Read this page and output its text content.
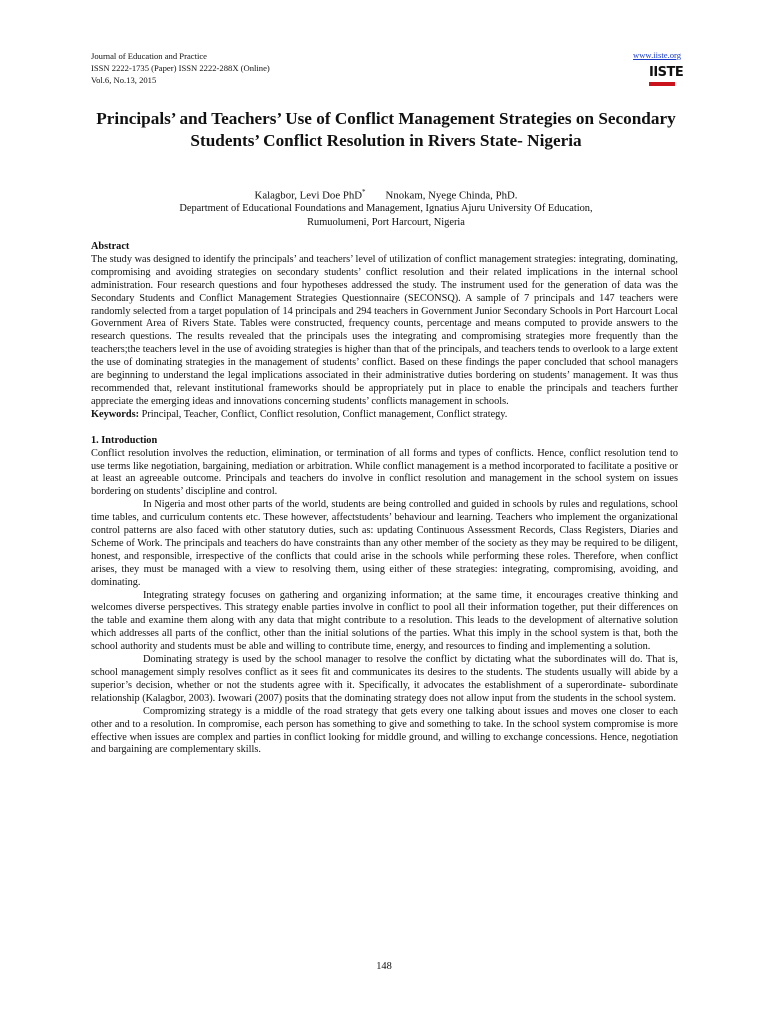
Journal of Education and Practice
ISSN 2222-1735 (Paper) ISSN 2222-288X (Online)
Vol.6, No.13, 2015
www.iiste.org
IISTE
Principals’ and Teachers’ Use of Conflict Management Strategies on Secondary Students’ Conflict Resolution in Rivers State- Nigeria
Kalagbor, Levi Doe PhD* Nnokam, Nyege Chinda, PhD.
Department of Educational Foundations and Management, Ignatius Ajuru University Of Education,
Rumuolumeni, Port Harcourt, Nigeria

Abstract

The study was designed to identify the principals’ and teachers’ level of utilization of conflict management strategies: integrating, dominating, compromising and avoiding strategies on secondary students’ conflict resolution and their related implications in the internal school administration. Four research questions and four hypotheses addressed the study. The instrument used for the generation of data was the Secondary Students and Conflict Management Strategies Questionnaire (SECONSQ). A sample of 7 principals and 147 teachers were randomly selected from a target population of 14 principals and 294 teachers in Government Junior Secondary Schools in Port Harcourt Local Government Area of Rivers State. Tables were constructed, frequency counts, percentage and means computed to provide answers to the research questions. The results revealed that the principals uses the integrating and compromising strategies more frequently than the teachers;the teachers level in the use of avoiding strategies is higher than that of the principals, and teachers tends to overlook to a large extent the use of dominating strategies in the management of students’ conflict. Based on these findings the paper concluded that school managers are beginning to understand the legal implications associated in their administrative duties bordering on students’ management. It was thus recommended that, relevant institutional frameworks should be appropriately put in place to enable the principals and teachers further appreciate the emerging ideas and innovations concerning students’ conflicts management in schools.

Keywords: Principal, Teacher, Conflict, Conflict resolution, Conflict management, Conflict strategy.

1. Introduction

Conflict resolution involves the reduction, elimination, or termination of all forms and types of conflicts. Hence, conflict resolution tend to use terms like negotiation, bargaining, mediation or arbitration. While conflict management is a method incorporated to facilitate a positive or at least an agreeable outcome. Principals and teachers do involve in conflict resolution and management in the school system on issues bordering on students’ discipline and control.

In Nigeria and most other parts of the world, students are being controlled and guided in schools by rules and regulations, school time tables, and curriculum contents etc. These however, affectstudents’ behaviour and learning. Teachers who implement the organizational control patterns are also faced with other statutory duties, such as: updating Continuous Assessment Records, Class Registers, Diaries and Scheme of Work. The principals and teachers do have constraints than any other member of the society as they may be required to be diligent, honest, and responsible, irrespective of the conflicts that could arise in the schools while performing these roles. Therefore, when conflict arises, they must be managed with a view to resolving them, using either of these strategies: integrating, compromising, avoiding, and dominating.

Integrating strategy focuses on gathering and organizing information; at the same time, it encourages creative thinking and welcomes diverse perspectives. This strategy enable parties involve in conflict to pool all their information together, put their differences on the table and examine them along with any data that might contribute to a resolution. This leads to the development of alternative solution which addresses all parts of the conflict, other than the initial solutions of the parties. What this imply in the school system is that, both the school authority and students must be able and willing to contribute time, energy, and resources to finding and implementing a solution.

Dominating strategy is used by the school manager to resolve the conflict by dictating what the subordinates will do. That is, school management simply resolves conflict as it sees fit and communicates its desires to the students. The students usually will abide by a superior’s decision, whether or not the students agree with it. Specifically, it advocates the establishment of a superordinate- subordinate relationship (Kalagbor, 2003). Iwowari (2007) posits that the dominating strategy does not allow input from the students in the school system.

Compromizing strategy is a middle of the road strategy that gets every one talking about issues and moves one closer to each other and to a resolution. In compromise, each person has something to give and something to take. In the school system compromise is more effective when issues are complex and parties in conflict looking for middle ground, and willing to exchange concessions. Hence, negotiation and bargaining are complementary skills.

148
